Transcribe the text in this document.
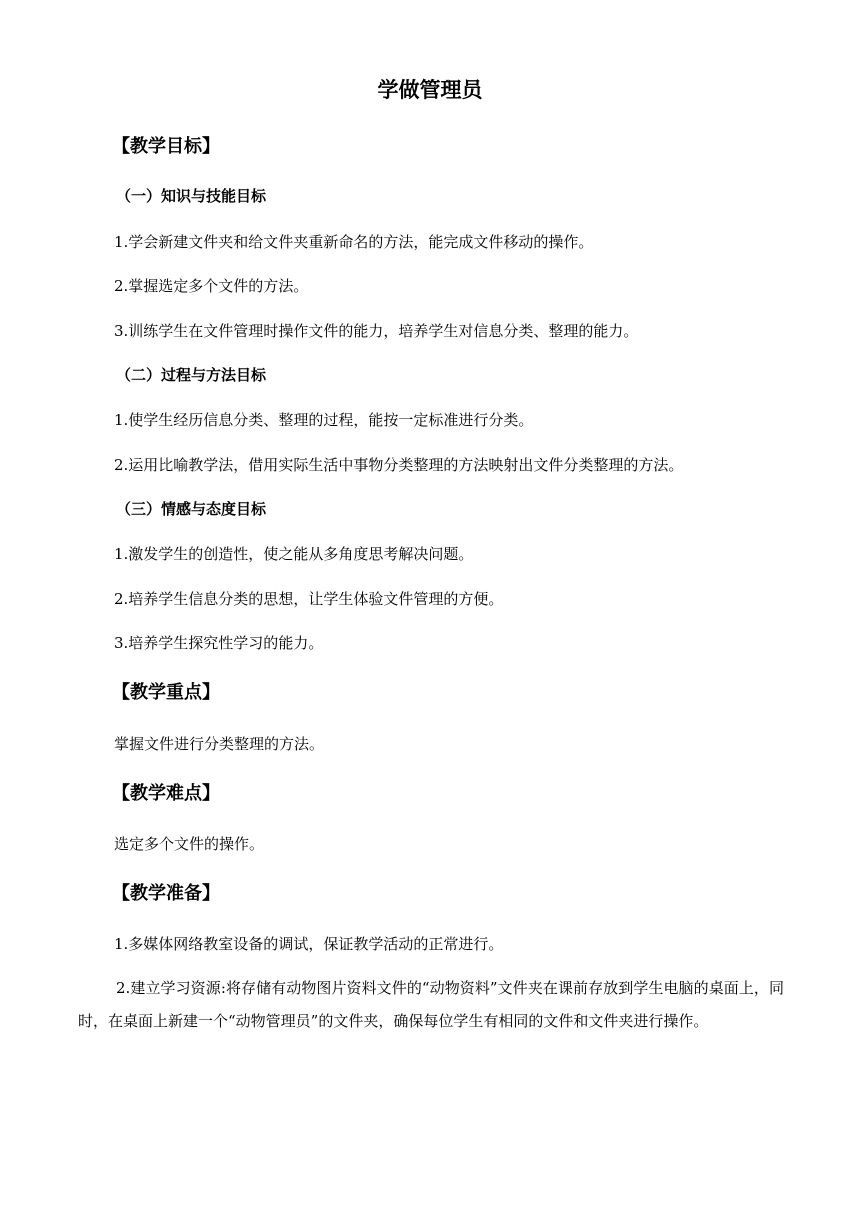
学做管理员
【教学目标】
（一）知识与技能目标
1.学会新建文件夹和给文件夹重新命名的方法，能完成文件移动的操作。
2.掌握选定多个文件的方法。
3.训练学生在文件管理时操作文件的能力，培养学生对信息分类、整理的能力。
（二）过程与方法目标
1.使学生经历信息分类、整理的过程，能按一定标准进行分类。
2.运用比喻教学法，借用实际生活中事物分类整理的方法映射出文件分类整理的方法。
（三）情感与态度目标
1.激发学生的创造性，使之能从多角度思考解决问题。
2.培养学生信息分类的思想，让学生体验文件管理的方便。
3.培养学生探究性学习的能力。
【教学重点】
掌握文件进行分类整理的方法。
【教学难点】
选定多个文件的操作。
【教学准备】
1.多媒体网络教室设备的调试，保证教学活动的正常进行。

2.建立学习资源:将存储有动物图片资料文件的“动物资料”文件夹在课前存放到学生电脑的桌面上，同时，在桌面上新建一个“动物管理员”的文件夹，确保每位学生有相同的文件和文件夹进行操作。
